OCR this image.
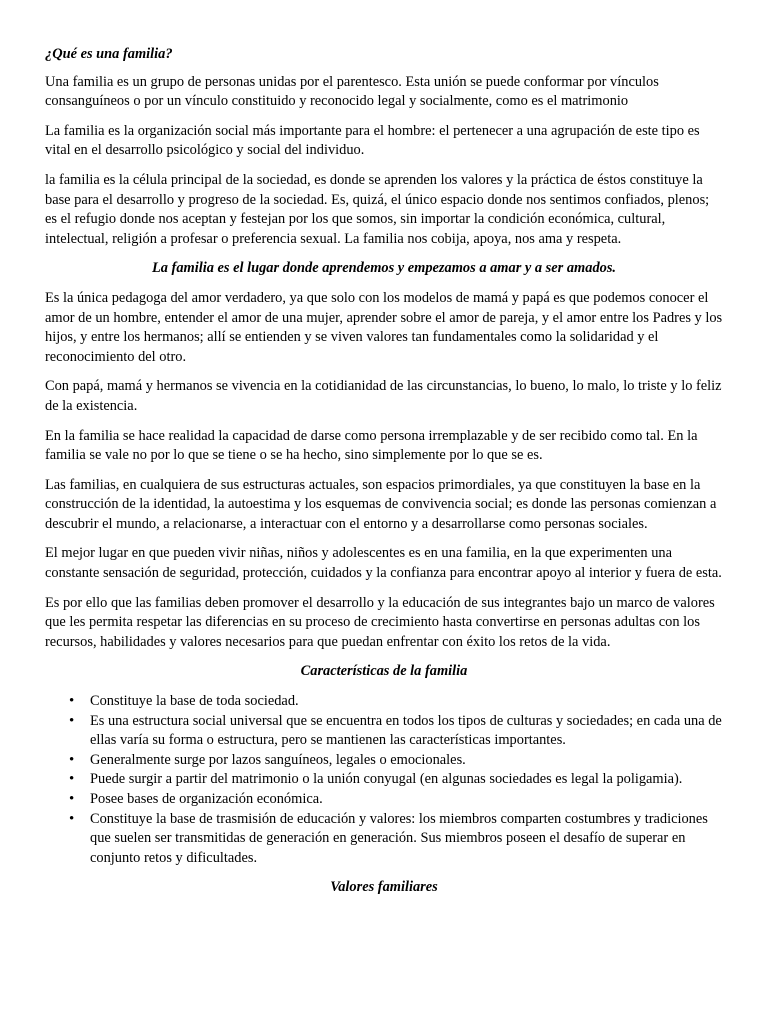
¿Qué es una familia?

Una familia es un grupo de personas unidas por el parentesco. Esta unión se puede conformar por vínculos consanguíneos o por un vínculo constituido y reconocido legal y socialmente, como es el matrimonio

La familia es la organización social más importante para el hombre: el pertenecer a una agrupación de este tipo es vital en el desarrollo psicológico y social del individuo.

la familia es la célula principal de la sociedad, es donde se aprenden los valores y la práctica de éstos constituye la base para el desarrollo y progreso de la sociedad. Es, quizá, el único espacio donde nos sentimos confiados, plenos; es el refugio donde nos aceptan y festejan por los que somos, sin importar la condición económica, cultural, intelectual, religión a profesar o preferencia sexual. La familia nos cobija, apoya, nos ama y respeta.

La familia es el lugar donde aprendemos y empezamos a amar y a ser amados.

Es la única pedagoga del amor verdadero, ya que solo con los modelos de mamá y papá es que podemos conocer el amor de un hombre, entender el amor de una mujer, aprender sobre el amor de pareja, y el amor entre los Padres y los hijos, y entre los hermanos; allí se entienden y se viven valores tan fundamentales como la solidaridad y el reconocimiento del otro.

Con papá, mamá y hermanos se vivencia en la cotidianidad de las circunstancias, lo bueno, lo malo, lo triste y lo feliz de la existencia.

En la familia se hace realidad la capacidad de darse como persona irremplazable y de ser recibido como tal. En la familia se vale no por lo que se tiene o se ha hecho, sino simplemente por lo que se es.

Las familias, en cualquiera de sus estructuras actuales, son espacios primordiales, ya que constituyen la base en la construcción de la identidad, la autoestima y los esquemas de convivencia social; es donde las personas comienzan a descubrir el mundo, a relacionarse, a interactuar con el entorno y a desarrollarse como personas sociales.

El mejor lugar en que pueden vivir niñas, niños y adolescentes es en una familia, en la que experimenten una constante sensación de seguridad, protección, cuidados y la confianza para encontrar apoyo al interior y fuera de esta.

Es por ello que las familias deben promover el desarrollo y la educación de sus integrantes bajo un marco de valores que les permita respetar las diferencias en su proceso de crecimiento hasta convertirse en personas adultas con los recursos, habilidades y valores necesarios para que puedan enfrentar con éxito los retos de la vida.

Características de la familia
• Constituye la base de toda sociedad.
• Es una estructura social universal que se encuentra en todos los tipos de culturas y sociedades; en cada una de ellas varía su forma o estructura, pero se mantienen las características importantes.
• Generalmente surge por lazos sanguíneos, legales o emocionales.
• Puede surgir a partir del matrimonio o la unión conyugal (en algunas sociedades es legal la poligamia).
• Posee bases de organización económica.
• Constituye la base de trasmisión de educación y valores: los miembros comparten costumbres y tradiciones que suelen ser transmitidas de generación en generación. Sus miembros poseen el desafío de superar en conjunto retos y dificultades.
Valores familiares
